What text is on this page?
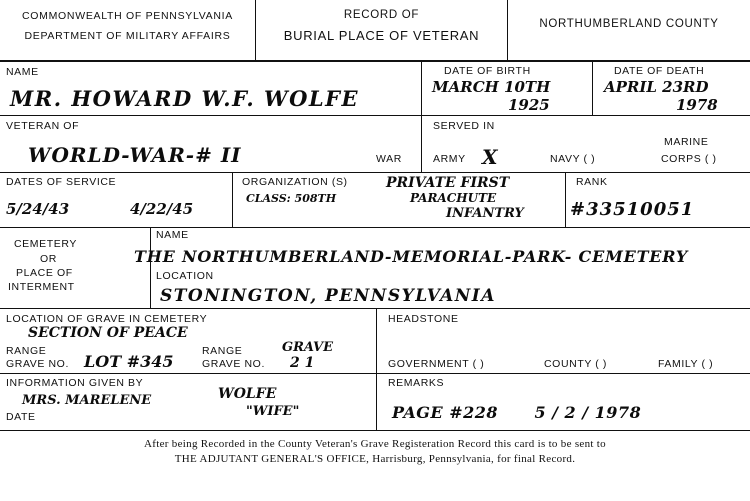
COMMONWEALTH OF PENNSYLVANIA
DEPARTMENT OF MILITARY AFFAIRS
RECORD OF
BURIAL PLACE OF VETERAN
NORTHUMBERLAND COUNTY
NAME
MR. HOWARD W.F. WOLFE
DATE OF BIRTH
MARCH 10TH
1925
DATE OF DEATH
APRIL 23RD
1978
VETERAN OF
WORLD-WAR-# II	WAR
SERVED IN
ARMY X	NAVY ( )
MARINE
CORPS ( )
DATES OF SERVICE
5/24/43	4/22/45
ORGANIZATION (S)
CLASS: 508TH
PRIVATE FIRST
PARACHUTE
INFANTRY
RANK
#33510051
CEMETERY
OR
PLACE OF
INTERMENT
NAME
THE NORTHUMBERLAND-MEMORIAL-PARK- CEMETERY
LOCATION
STONINGTON, PENNSYLVANIA
LOCATION OF GRAVE IN CEMETERY
SECTION OF PEACE
RANGE
GRAVE NO. LOT #345
RANGE
GRAVE NO.
GRAVE
2 1
HEADSTONE
GOVERNMENT ( )	COUNTY ( )	FAMILY ( )
INFORMATION GIVEN BY
MRS. MARELENE	WOLFE
"WIFE"
DATE
REMARKS
PAGE #228      5 / 2 / 1978
After being Recorded in the County Veteran's Grave Registeration Record this card is to be sent to
THE ADJUTANT GENERAL'S OFFICE, Harrisburg, Pennsylvania, for final Record.
